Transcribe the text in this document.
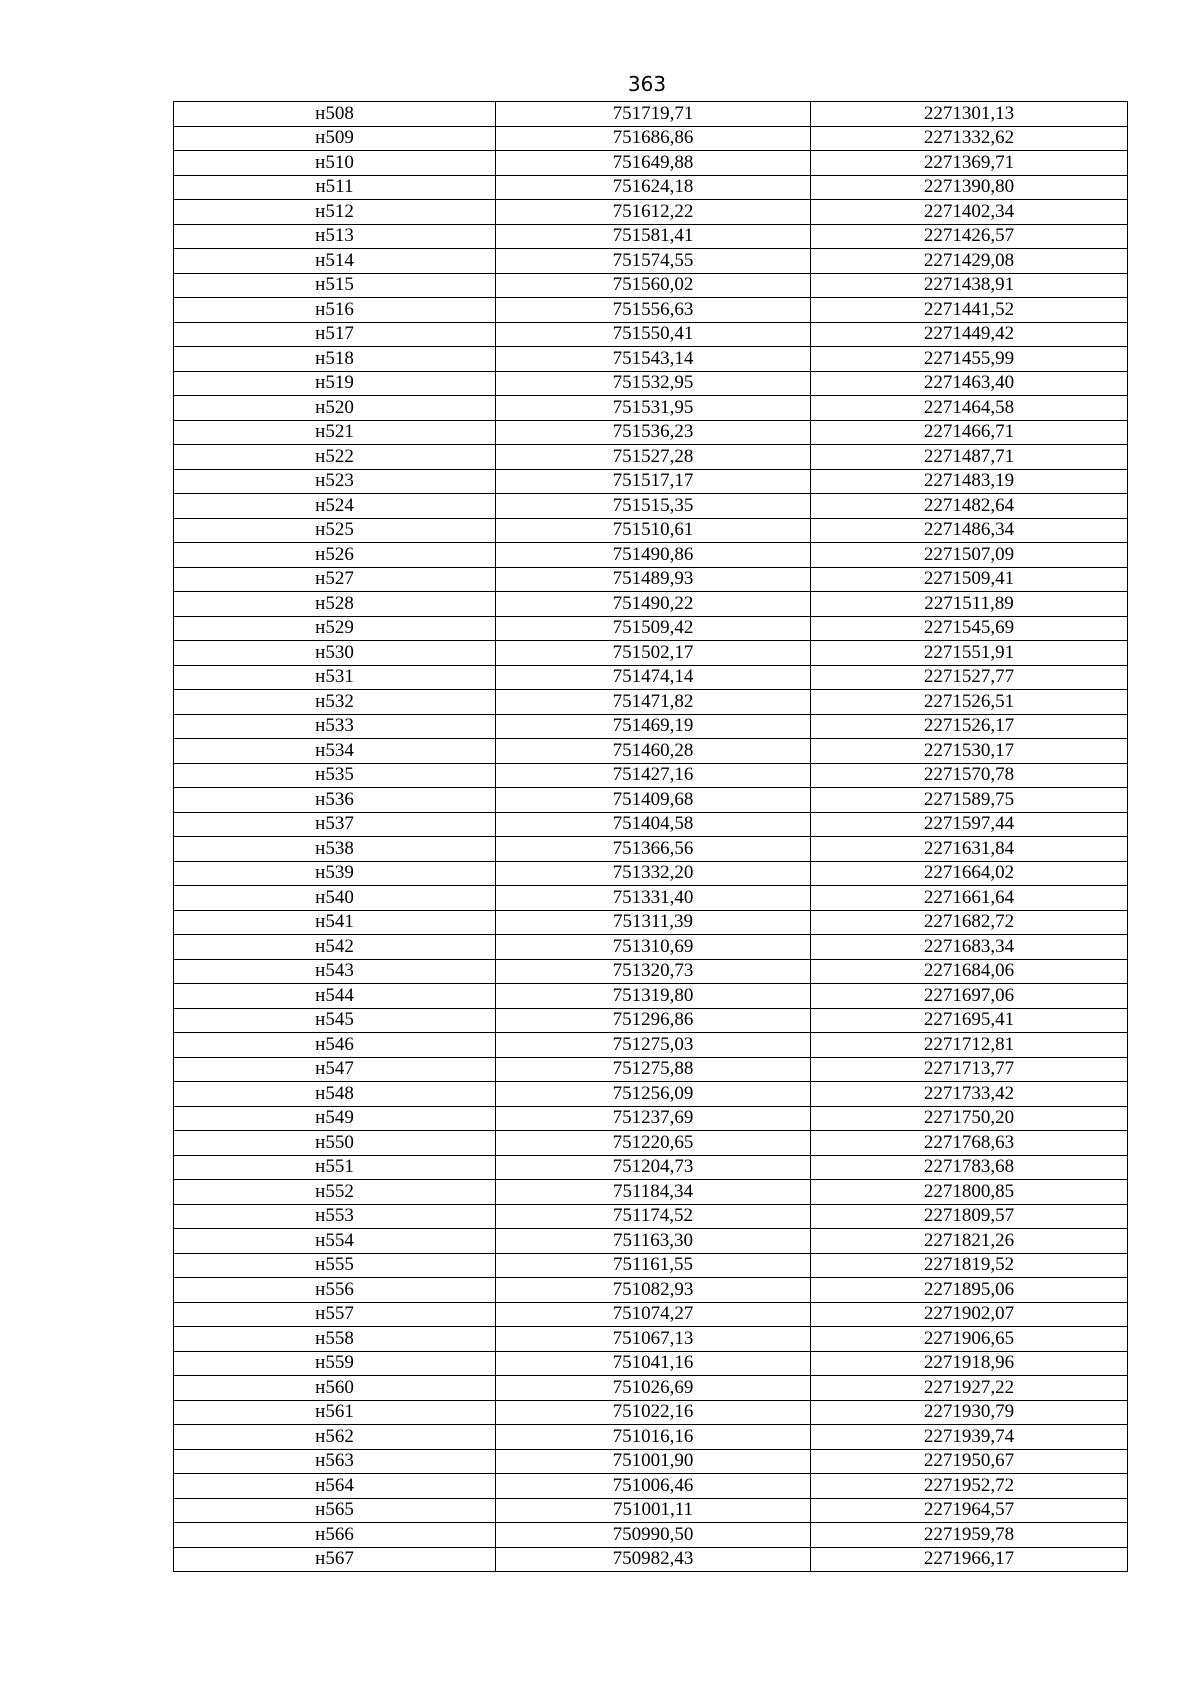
363
н508	751719,71	2271301,13
н509	751686,86	2271332,62
н510	751649,88	2271369,71
н511	751624,18	2271390,80
н512	751612,22	2271402,34
н513	751581,41	2271426,57
н514	751574,55	2271429,08
н515	751560,02	2271438,91
н516	751556,63	2271441,52
н517	751550,41	2271449,42
н518	751543,14	2271455,99
н519	751532,95	2271463,40
н520	751531,95	2271464,58
н521	751536,23	2271466,71
н522	751527,28	2271487,71
н523	751517,17	2271483,19
н524	751515,35	2271482,64
н525	751510,61	2271486,34
н526	751490,86	2271507,09
н527	751489,93	2271509,41
н528	751490,22	2271511,89
н529	751509,42	2271545,69
н530	751502,17	2271551,91
н531	751474,14	2271527,77
н532	751471,82	2271526,51
н533	751469,19	2271526,17
н534	751460,28	2271530,17
н535	751427,16	2271570,78
н536	751409,68	2271589,75
н537	751404,58	2271597,44
н538	751366,56	2271631,84
н539	751332,20	2271664,02
н540	751331,40	2271661,64
н541	751311,39	2271682,72
н542	751310,69	2271683,34
н543	751320,73	2271684,06
н544	751319,80	2271697,06
н545	751296,86	2271695,41
н546	751275,03	2271712,81
н547	751275,88	2271713,77
н548	751256,09	2271733,42
н549	751237,69	2271750,20
н550	751220,65	2271768,63
н551	751204,73	2271783,68
н552	751184,34	2271800,85
н553	751174,52	2271809,57
н554	751163,30	2271821,26
н555	751161,55	2271819,52
н556	751082,93	2271895,06
н557	751074,27	2271902,07
н558	751067,13	2271906,65
н559	751041,16	2271918,96
н560	751026,69	2271927,22
н561	751022,16	2271930,79
н562	751016,16	2271939,74
н563	751001,90	2271950,67
н564	751006,46	2271952,72
н565	751001,11	2271964,57
н566	750990,50	2271959,78
н567	750982,43	2271966,17
